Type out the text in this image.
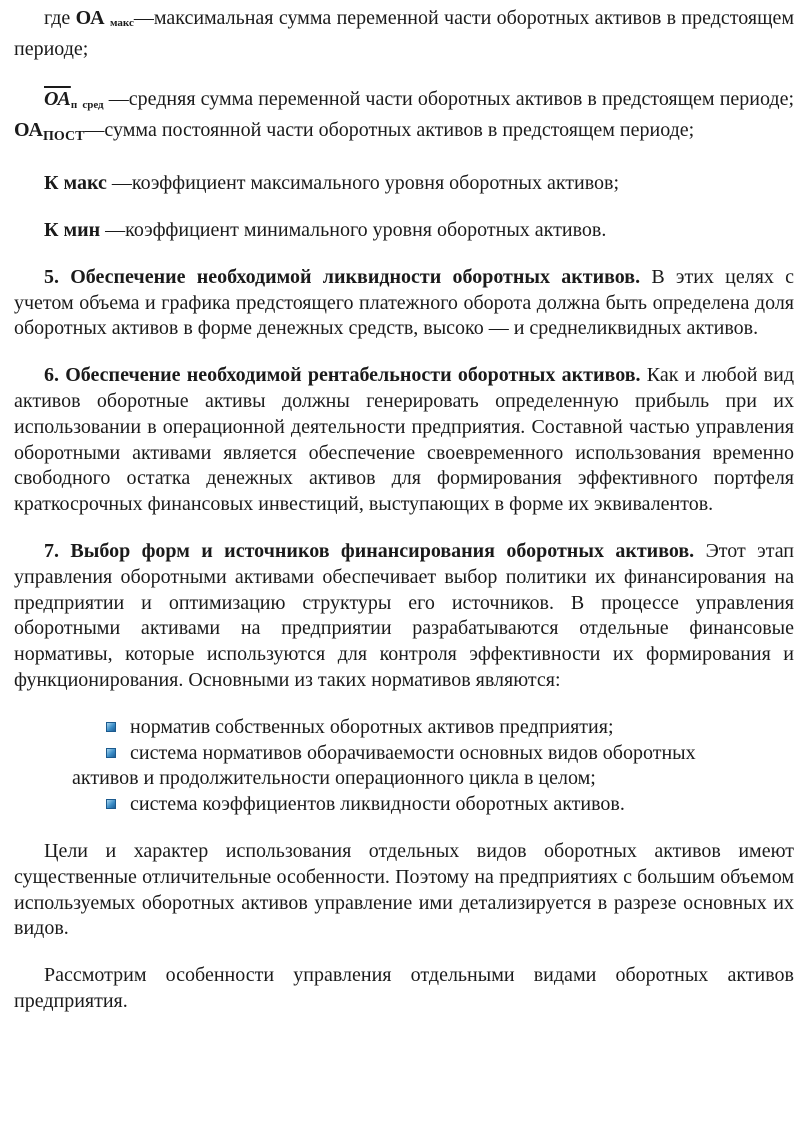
где ОА макс—максимальная сумма переменной части оборотных активов в предстоящем периоде;

ОАп сред —средняя сумма переменной части оборотных активов в предстоящем периоде; $ОА_{ПОСТ}—сумма$ постоянной части оборотных активов в предстоящем периоде;

К макс —коэффициент максимального уровня оборотных активов;

К мин —коэффициент минимального уровня оборотных активов.

5. Обеспечение необходимой ликвидности оборотных активов. В этих целях с учетом объема и графика предстоящего платежного оборота должна быть определена доля оборотных активов в форме денежных средств, высоко — и среднеликвидных активов.

6. Обеспечение необходимой рентабельности оборотных активов. Как и любой вид активов оборотные активы должны генерировать определенную прибыль при их использовании в операционной деятельности предприятия. Составной частью управления оборотными активами является обеспечение своевременного использования временно свободного остатка денежных активов для формирования эффективного портфеля краткосрочных финансовых инвестиций, выступающих в форме их эквивалентов.

7. Выбор форм и источников финансирования оборотных активов. Этот этап управления оборотными активами обеспечивает выбор политики их финансирования на предприятии и оптимизацию структуры его источников. В процессе управления оборотными активами на предприятии разрабатываются отдельные финансовые нормативы, которые используются для контроля эффективности их формирования и функционирования. Основными из таких нормативов являются:

норматив собственных оборотных активов предприятия;
система нормативов оборачиваемости основных видов оборотных
активов и продолжительности операционного цикла в целом;
система коэффициентов ликвидности оборотных активов.

Цели и характер использования отдельных видов оборотных активов имеют существенные отличительные особенности. Поэтому на предприятиях с большим объемом используемых оборотных активов управление ими детализируется в разрезе основных их видов.

Рассмотрим особенности управления отдельными видами оборотных активов предприятия.
